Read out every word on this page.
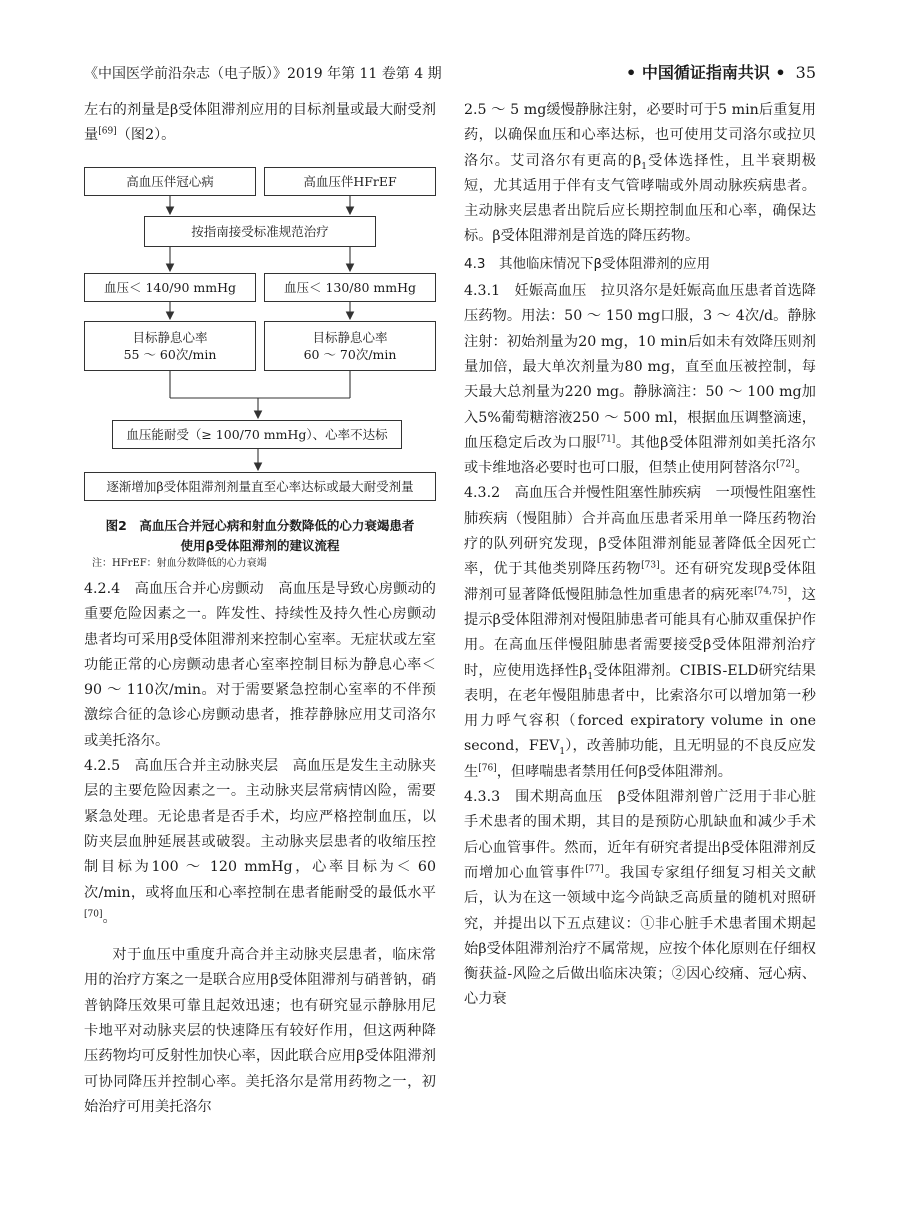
《中国医学前沿杂志（电子版）》2019 年第 11 卷第 4 期	• 中国循证指南共识 • 35

左右的剂量是β受体阻滞剂应用的目标剂量或最大耐受剂量[69]（图2）。

高血压伴冠心病	高血压伴HFrEF
按指南接受标准规范治疗
血压＜ 140/90 mmHg	血压＜ 130/80 mmHg
目标静息心率
55 ～ 60次/min
目标静息心率
60 ～ 70次/min
血压能耐受（≥ 100/70 mmHg）、心率不达标
逐渐增加β受体阻滞剂剂量直至心率达标或最大耐受剂量
图2　高血压合并冠心病和射血分数降低的心力衰竭患者
使用β受体阻滞剂的建议流程
注：HFrEF：射血分数降低的心力衰竭

4.2.4　高血压合并心房颤动　高血压是导致心房颤动的重要危险因素之一。阵发性、持续性及持久性心房颤动患者均可采用β受体阻滞剂来控制心室率。无症状或左室功能正常的心房颤动患者心室率控制目标为静息心率＜ 90 ～ 110次/min。对于需要紧急控制心室率的不伴预激综合征的急诊心房颤动患者，推荐静脉应用艾司洛尔或美托洛尔。

4.2.5　高血压合并主动脉夹层　高血压是发生主动脉夹层的主要危险因素之一。主动脉夹层常病情凶险，需要紧急处理。无论患者是否手术，均应严格控制血压，以防夹层血肿延展甚或破裂。主动脉夹层患者的收缩压控制目标为100 ～ 120 mmHg，心率目标为＜ 60次/min，或将血压和心率控制在患者能耐受的最低水平[70]。

对于血压中重度升高合并主动脉夹层患者，临床常用的治疗方案之一是联合应用β受体阻滞剂与硝普钠，硝普钠降压效果可靠且起效迅速；也有研究显示静脉用尼卡地平对动脉夹层的快速降压有较好作用，但这两种降压药物均可反射性加快心率，因此联合应用β受体阻滞剂可协同降压并控制心率。美托洛尔是常用药物之一，初始治疗可用美托洛尔

2.5 ～ 5 mg缓慢静脉注射，必要时可于5 min后重复用药，以确保血压和心率达标，也可使用艾司洛尔或拉贝洛尔。艾司洛尔有更高的$\beta_1$受体选择性，且半衰期极短，尤其适用于伴有支气管哮喘或外周动脉疾病患者。主动脉夹层患者出院后应长期控制血压和心率，确保达标。β受体阻滞剂是首选的降压药物。

4.3　其他临床情况下β受体阻滞剂的应用

4.3.1　妊娠高血压　拉贝洛尔是妊娠高血压患者首选降压药物。用法：50 ～ 150 mg口服，3 ～ 4次/d。静脉注射：初始剂量为20 mg，10 min后如未有效降压则剂量加倍，最大单次剂量为80 mg，直至血压被控制，每天最大总剂量为220 mg。静脉滴注：50 ～ 100 mg加入5%葡萄糖溶液250 ～ 500 ml，根据血压调整滴速，血压稳定后改为口服[71]。其他β受体阻滞剂如美托洛尔或卡维地洛必要时也可口服，但禁止使用阿替洛尔[72]。

4.3.2　高血压合并慢性阻塞性肺疾病　一项慢性阻塞性肺疾病（慢阻肺）合并高血压患者采用单一降压药物治疗的队列研究发现，β受体阻滞剂能显著降低全因死亡率，优于其他类别降压药物[73]。还有研究发现β受体阻滞剂可显著降低慢阻肺急性加重患者的病死率[74,75]，这提示β受体阻滞剂对慢阻肺患者可能具有心肺双重保护作用。在高血压伴慢阻肺患者需要接受β受体阻滞剂治疗时，应使用选择性$\beta_1$受体阻滞剂。CIBIS-ELD研究结果表明，在老年慢阻肺患者中，比索洛尔可以增加第一秒用力呼气容积（forced expiratory volume in one second，$FEV_1$），改善肺功能，且无明显的不良反应发生[76]，但哮喘患者禁用任何β受体阻滞剂。

4.3.3　围术期高血压　β受体阻滞剂曾广泛用于非心脏手术患者的围术期，其目的是预防心肌缺血和减少手术后心血管事件。然而，近年有研究者提出β受体阻滞剂反而增加心血管事件[77]。我国专家组仔细复习相关文献后，认为在这一领域中迄今尚缺乏高质量的随机对照研究，并提出以下五点建议：①非心脏手术患者围术期起始β受体阻滞剂治疗不属常规，应按个体化原则在仔细权衡获益-风险之后做出临床决策；②因心绞痛、冠心病、心力衰
